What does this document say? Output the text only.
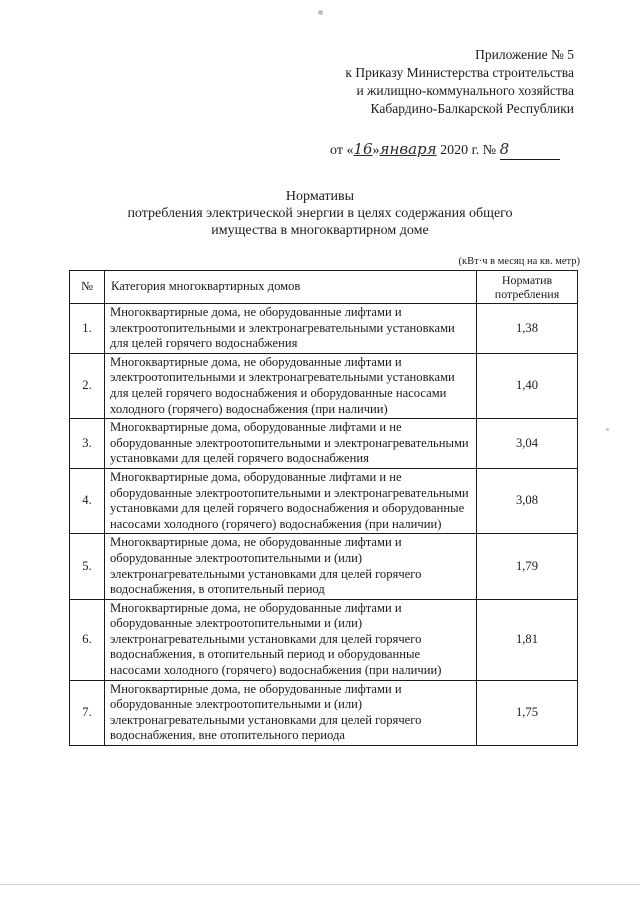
Приложение № 5
к Приказу Министерства строительства
и жилищно-коммунального хозяйства
Кабардино-Балкарской Республики
от «16»января 2020 г. № 8
Нормативы
потребления электрической энергии в целях содержания общего
имущества в многоквартирном доме
(кВт·ч в месяц на кв. метр)
№	Категория многоквартирных домов	Норматив потребления
1.	Многоквартирные дома, не оборудованные лифтами и электроотопительными и электронагревательными установками для целей горячего водоснабжения	1,38
2.	Многоквартирные дома, не оборудованные лифтами и электроотопительными и электронагревательными установками для целей горячего водоснабжения и оборудованные насосами холодного (горячего) водоснабжения (при наличии)	1,40
3.	Многоквартирные дома, оборудованные лифтами и не оборудованные электроотопительными и электронагревательными установками для целей горячего водоснабжения	3,04
4.	Многоквартирные дома, оборудованные лифтами и не оборудованные электроотопительными и электронагревательными установками для целей горячего водоснабжения и оборудованные насосами холодного (горячего) водоснабжения (при наличии)	3,08
5.	Многоквартирные дома, не оборудованные лифтами и оборудованные электроотопительными и (или) электронагревательными установками для целей горячего водоснабжения, в отопительный период	1,79
6.	Многоквартирные дома, не оборудованные лифтами и оборудованные электроотопительными и (или) электронагревательными установками для целей горячего водоснабжения, в отопительный период и оборудованные насосами холодного (горячего) водоснабжения (при наличии)	1,81
7.	Многоквартирные дома, не оборудованные лифтами и оборудованные электроотопительными и (или) электронагревательными установками для целей горячего водоснабжения, вне отопительного периода	1,75
